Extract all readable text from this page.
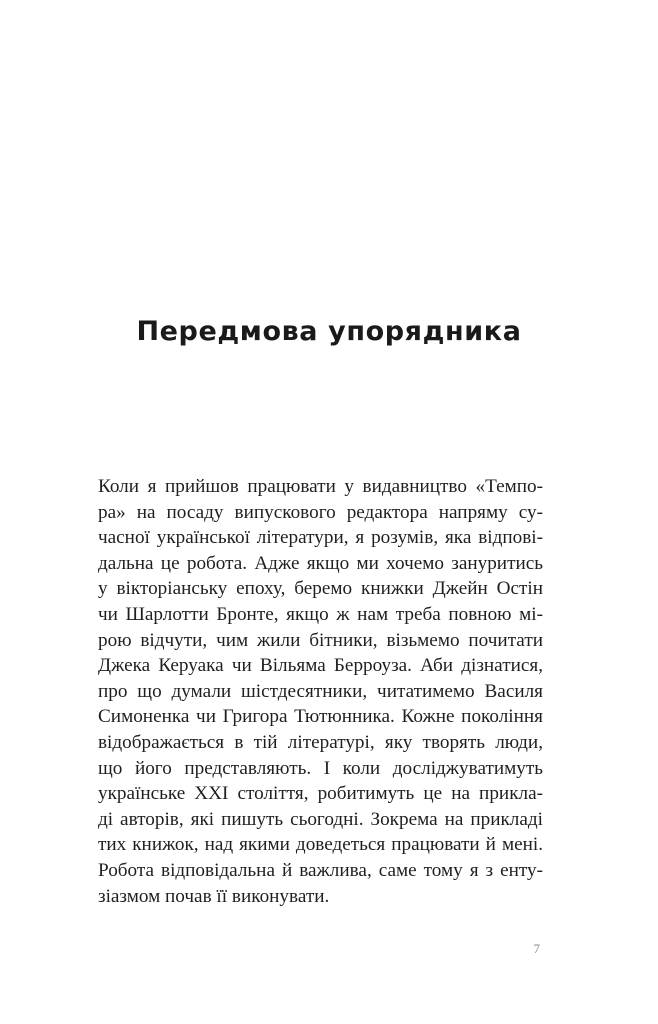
Передмова упорядника
Коли я прийшов працювати у видавництво «Темпо-
ра» на посаду випускового редактора напряму су-
часної української літератури, я розумів, яка відпові-
дальна це робота. Адже якщо ми хочемо зануритись
у вікторіанську епоху, беремо книжки Джейн Остін
чи Шарлотти Бронте, якщо ж нам треба повною мі-
рою відчути, чим жили бітники, візьмемо почитати
Джека Керуака чи Вільяма Берроуза. Аби дізнатися,
про що думали шістдесятники, читатимемо Василя
Симоненка чи Григора Тютюнника. Кожне покоління
відображається в тій літературі, яку творять люди,
що його представляють. І коли досліджуватимуть
українське XXI століття, робитимуть це на прикла-
ді авторів, які пишуть сьогодні. Зокрема на прикладі
тих книжок, над якими доведеться працювати й мені.
Робота відповідальна й важлива, саме тому я з енту-
зіазмом почав її виконувати.
7
